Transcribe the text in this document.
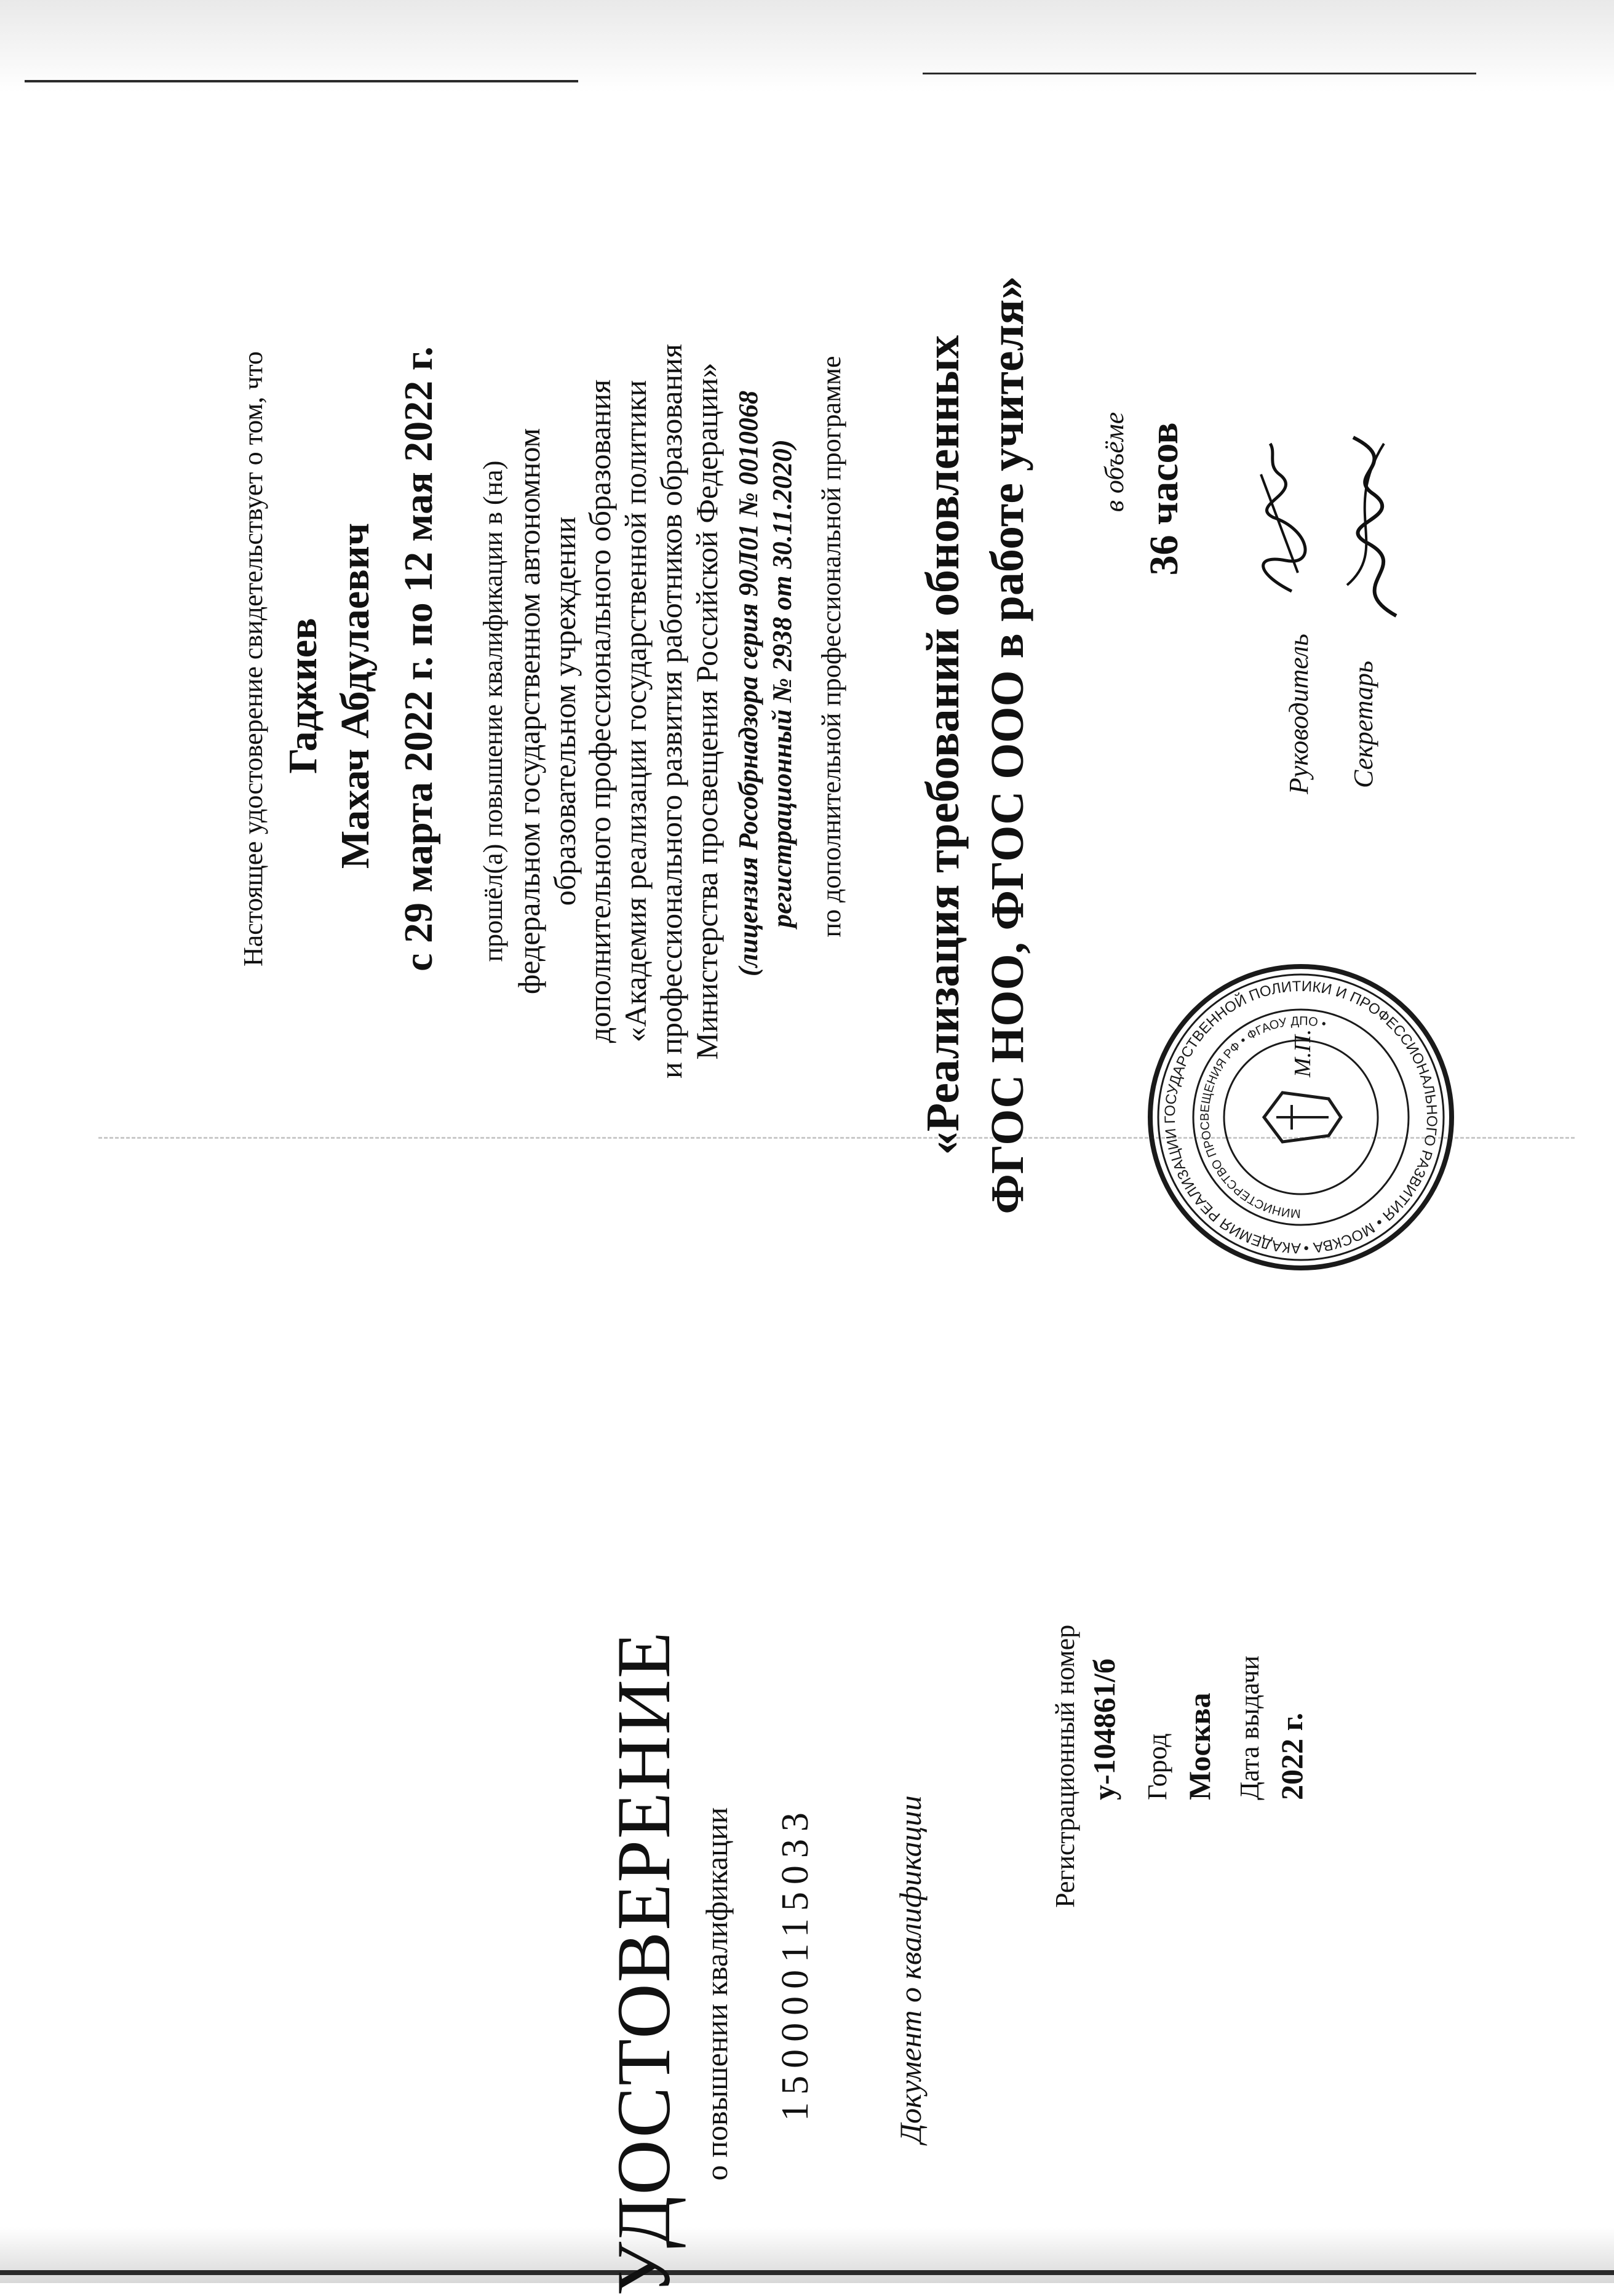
УДОСТОВЕРЕНИЕ о повышении квалификации 150000115033	Документ о квалификации
Регистрационный номер у-104861/б Город Москва Дата выдачи 2022 г.
Настоящее удостоверение свидетельствует о том, что Гаджиев Махач Абдулаевич с 29 марта 2022 г. по 12 мая 2022 г. прошёл(а) повышение квалификации в (на) федеральном государственном автономном образовательном учреждении дополнительного профессионального образования «Академия реализации государственной политики и профессионального развития работников образования Министерства просвещения Российской Федерации» (лицензия Рособрнадзора серия 90Л01 № 0010068 регистрационный № 2938 от 30.11.2020) по дополнительной профессиональной программе «Реализация требований обновленных ФГОС НОО, ФГОС ООО в работе учителя» в объёме 36 часов
Руководитель Секретарь
АКАДЕМИЯ РЕАЛИЗАЦИИ ГОСУДАРСТВЕННОЙ ПОЛИТИКИ И ПРОФЕССИОНАЛЬНОГО РАЗВИТИЯ • МОСКВА •
МИНИСТЕРСТВО ПРОСВЕЩЕНИЯ РФ • ФГАОУ ДПО •
М.П.
